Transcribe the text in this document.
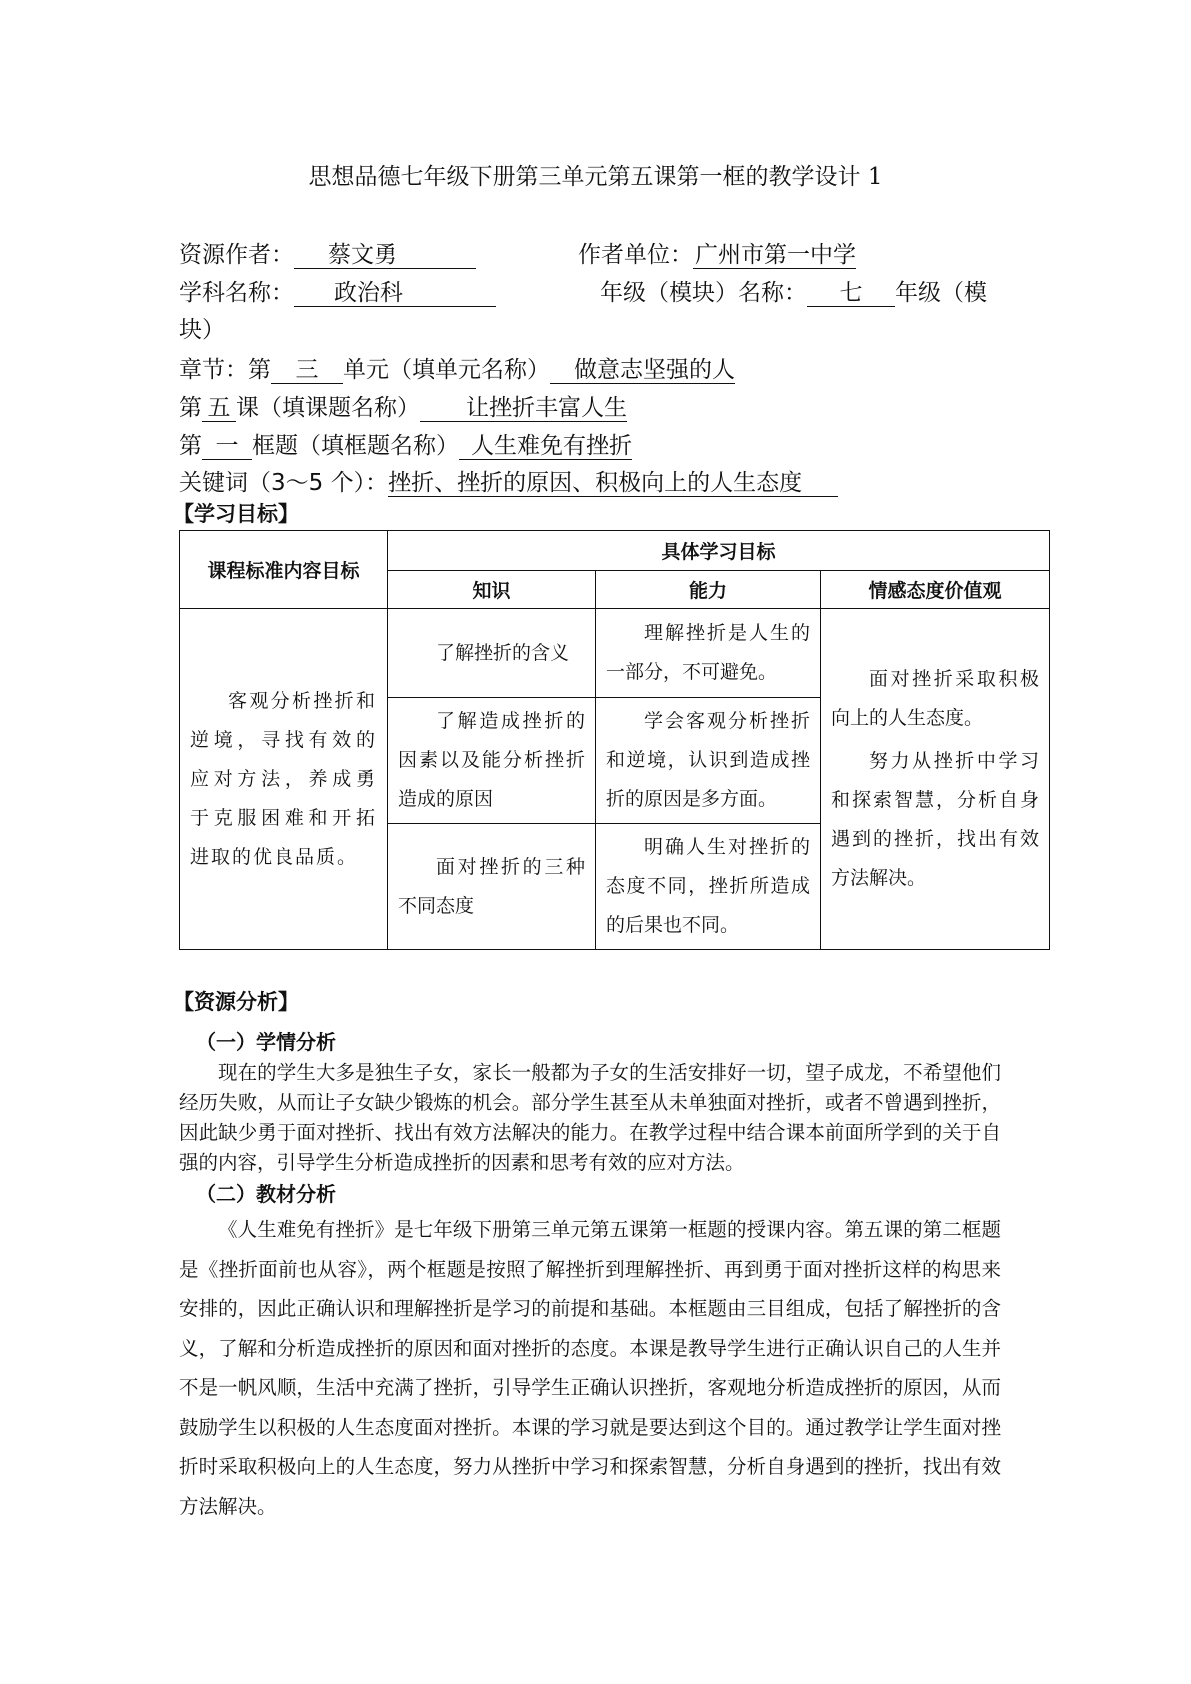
思想品德七年级下册第三单元第五课第一框的教学设计 1
资源作者： 蔡文勇	作者单位：广州市第一中学
学科名称： 政治科	年级（模块）名称： 七 年级（模
块）
章节：第 三 单元（填单元名称） 做意志坚强的人
第 五 课（填课题名称） 让挫折丰富人生
第 一 框题（填框题名称） 人生难免有挫折
关键词（3～5 个）：挫折、挫折的原因、积极向上的人生态度
【学习目标】
课程标准内容目标	具体学习目标		
	知识	能力	情感态度价值观

客观分析挫折和逆境，寻找有效的应对方法，养成勇于克服困难和开拓进取的优良品质。	了解挫折的含义	理解挫折是人生的一部分，不可避免。	面对挫折采取积极向上的人生态度。
努力从挫折中学习和探索智慧，分析自身遇到的挫折，找出有效方法解决。

	了解造成挫折的因素以及能分析挫折造成的原因	学会客观分析挫折和逆境，认识到造成挫折的原因是多方面。	

	面对挫折的三种不同态度	明确人生对挫折的态度不同，挫折所造成的后果也不同。	
【资源分析】
（一）学情分析
现在的学生大多是独生子女，家长一般都为子女的生活安排好一切，望子成龙，不希望他们经历失败，从而让子女缺少锻炼的机会。部分学生甚至从未单独面对挫折，或者不曾遇到挫折，因此缺少勇于面对挫折、找出有效方法解决的能力。在教学过程中结合课本前面所学到的关于自强的内容，引导学生分析造成挫折的因素和思考有效的应对方法。
（二）教材分析
《人生难免有挫折》是七年级下册第三单元第五课第一框题的授课内容。第五课的第二框题是《挫折面前也从容》，两个框题是按照了解挫折到理解挫折、再到勇于面对挫折这样的构思来安排的，因此正确认识和理解挫折是学习的前提和基础。本框题由三目组成，包括了解挫折的含义，了解和分析造成挫折的原因和面对挫折的态度。本课是教导学生进行正确认识自己的人生并不是一帆风顺，生活中充满了挫折，引导学生正确认识挫折，客观地分析造成挫折的原因，从而鼓励学生以积极的人生态度面对挫折。本课的学习就是要达到这个目的。通过教学让学生面对挫折时采取积极向上的人生态度，努力从挫折中学习和探索智慧，分析自身遇到的挫折，找出有效方法解决。
